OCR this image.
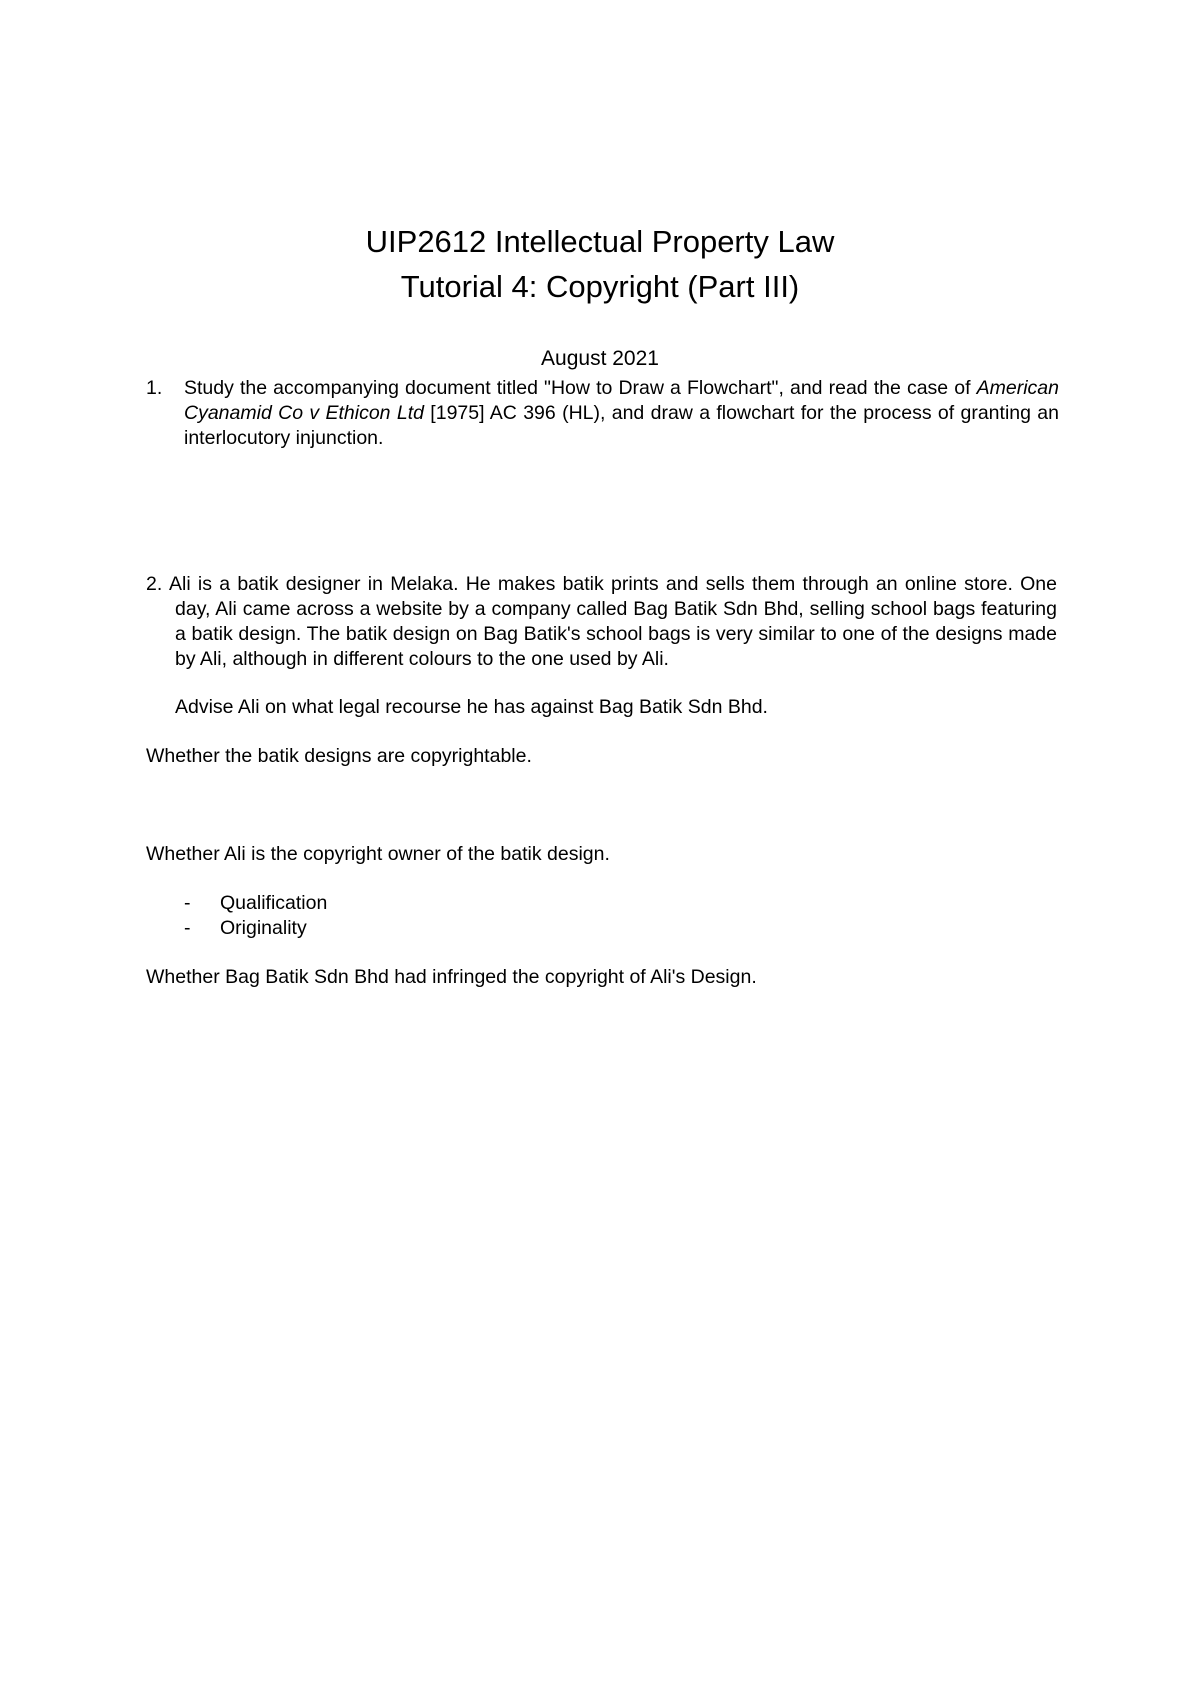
UIP2612 Intellectual Property Law
Tutorial 4: Copyright (Part III)
August 2021
1. Study the accompanying document titled "How to Draw a Flowchart", and read the case of American Cyanamid Co v Ethicon Ltd [1975] AC 396 (HL), and draw a flowchart for the process of granting an interlocutory injunction.
2. Ali is a batik designer in Melaka. He makes batik prints and sells them through an online store. One day, Ali came across a website by a company called Bag Batik Sdn Bhd, selling school bags featuring a batik design. The batik design on Bag Batik's school bags is very similar to one of the designs made by Ali, although in different colours to the one used by Ali.
Advise Ali on what legal recourse he has against Bag Batik Sdn Bhd.
Whether the batik designs are copyrightable.
Whether Ali is the copyright owner of the batik design.
- Qualification
- Originality
Whether Bag Batik Sdn Bhd had infringed the copyright of Ali's Design.
